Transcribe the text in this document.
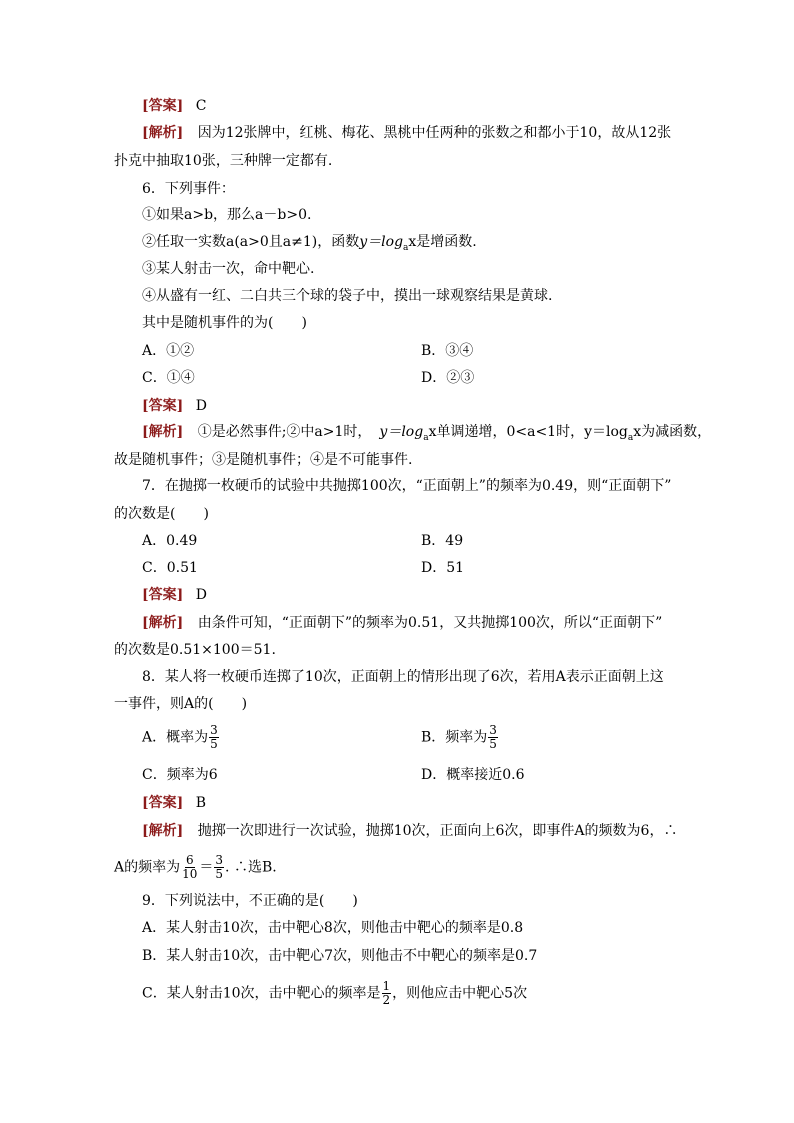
[答案] C
[解析] 因为12张牌中，红桃、梅花、黑桃中任两种的张数之和都小于10，故从12张
扑克中抽取10张，三种牌一定都有.
6．下列事件：
①如果a>b，那么a－b>0.
②任取一实数a(a>0且a≠1)，函数$y=\log_ax$是增函数.
③某人射击一次，命中靶心.
④从盛有一红、二白共三个球的袋子中，摸出一球观察结果是黄球.
其中是随机事件的为(　　)
A．①②	B．③④
C．①④	D．②③
[答案] D
[解析] ①是必然事件;②中a>1时， $y=\log_ax$单调递增，0<a<1时，$y=\log_ax$为减函数，
故是随机事件；③是随机事件；④是不可能事件.
7．在抛掷一枚硬币的试验中共抛掷100次，“正面朝上”的频率为0.49，则“正面朝下”
的次数是(　　)
A．0.49	B．49
C．0.51	D．51
[答案] D
[解析] 由条件可知，“正面朝下”的频率为0.51，又共抛掷100次，所以“正面朝下”
的次数是0.51×100＝51.
8．某人将一枚硬币连掷了10次，正面朝上的情形出现了6次，若用A表示正面朝上这
一事件，则A的(　　)
A．概率为 $\frac{3}{5}$	B．频率为 $\frac{3}{5}$
C．频率为6	D．概率接近0.6
[答案] B
[解析] 抛掷一次即进行一次试验，抛掷10次，正面向上6次，即事件A的频数为6，∴
A的频率为 $\frac{6}{10} = \frac{3}{5}$ . ∴选B.
9．下列说法中，不正确的是(　　)
A．某人射击10次，击中靶心8次，则他击中靶心的频率是0.8
B．某人射击10次，击中靶心7次，则他击不中靶心的频率是0.7
C．某人射击10次，击中靶心的频率是 $\frac{1}{2}$ ，则他应击中靶心5次
